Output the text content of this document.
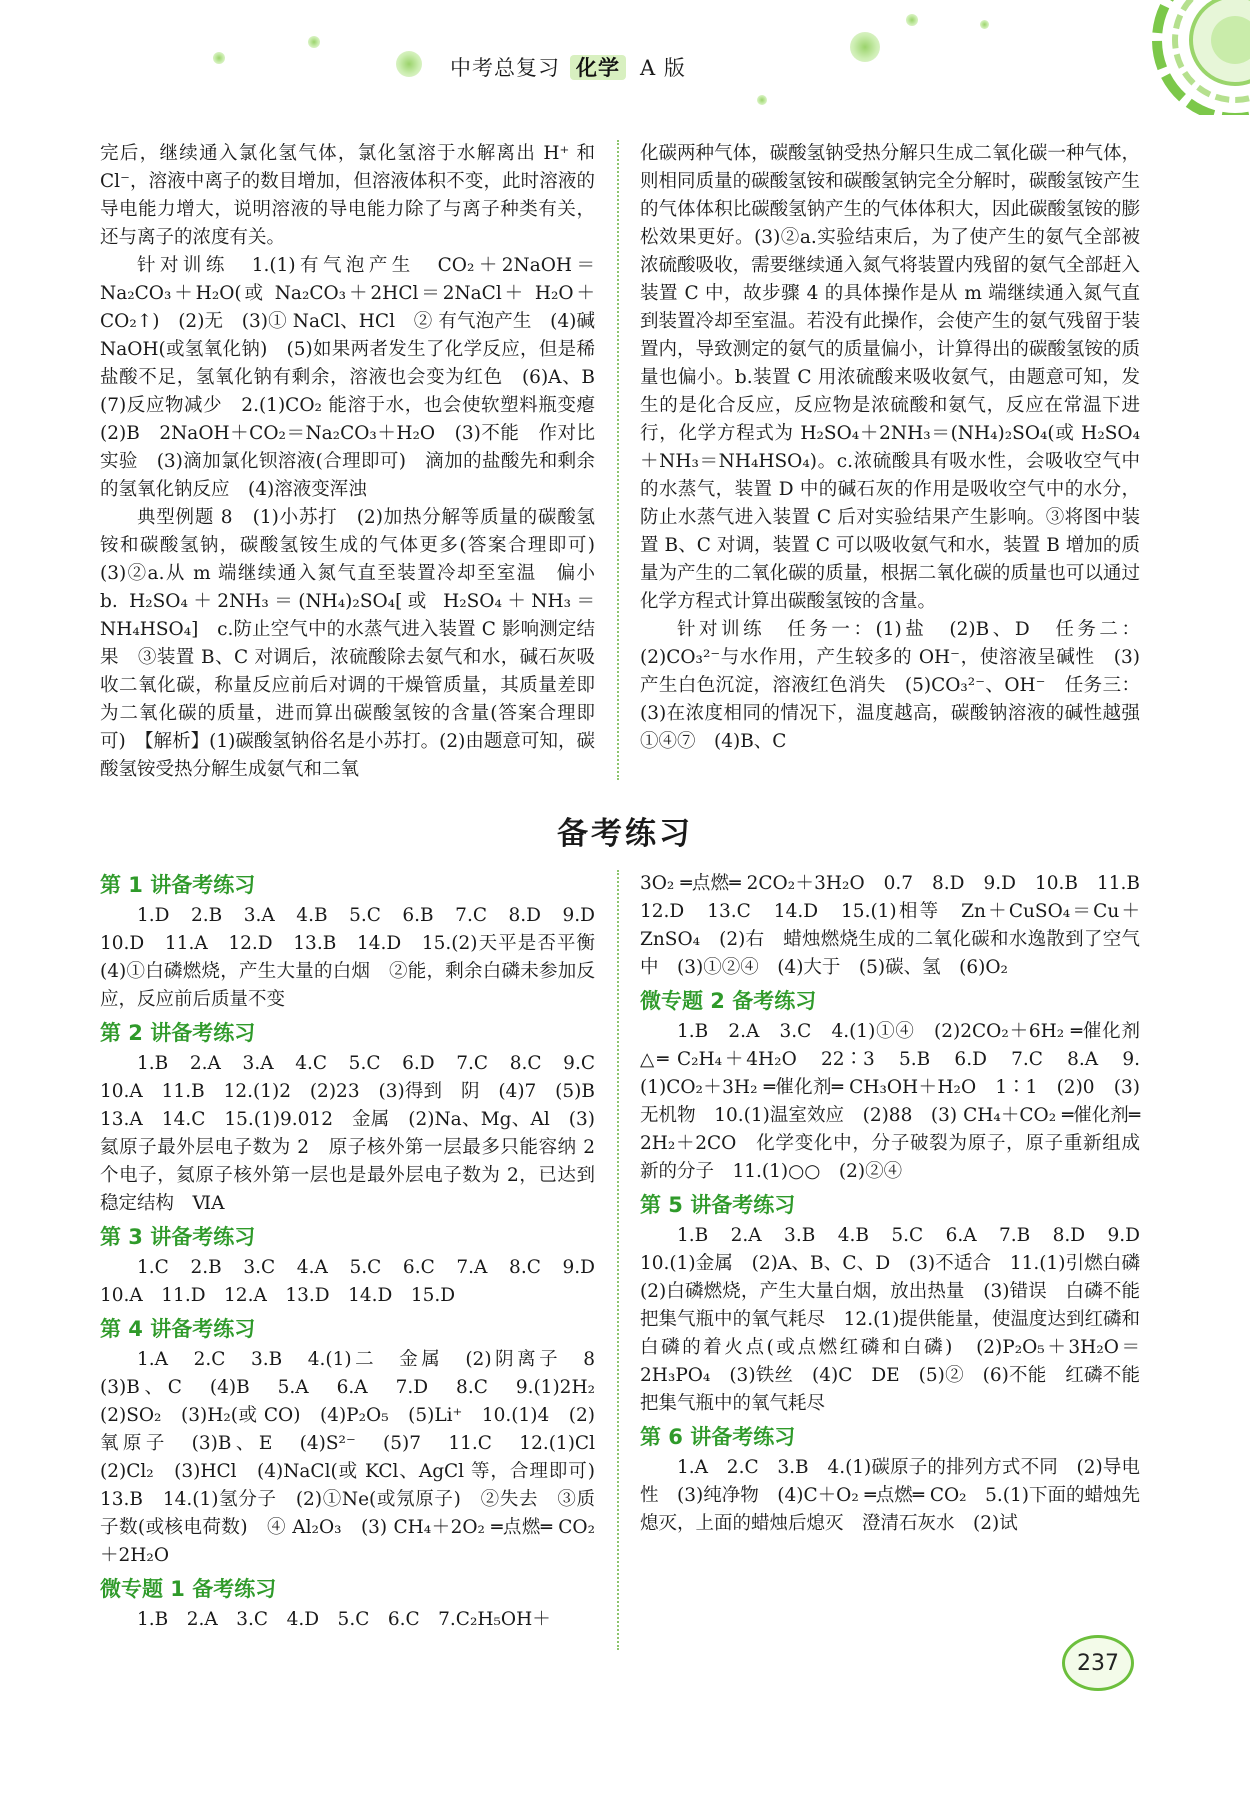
中考总复习 化学 A 版

完后，继续通入氯化氢气体，氯化氢溶于水解离出 H⁺ 和 Cl⁻，溶液中离子的数目增加，但溶液体积不变，此时溶液的导电能力增大，说明溶液的导电能力除了与离子种类有关，还与离子的浓度有关。

针对训练　1.(1)有气泡产生　CO₂＋2NaOH＝Na₂CO₃＋H₂O(或 Na₂CO₃＋2HCl＝2NaCl＋ H₂O＋CO₂↑)　(2)无　(3)① NaCl、HCl　② 有气泡产生　(4)碱　NaOH(或氢氧化钠)　(5)如果两者发生了化学反应，但是稀盐酸不足，氢氧化钠有剩余，溶液也会变为红色　(6)A、B　(7)反应物减少　2.(1)CO₂ 能溶于水，也会使软塑料瓶变瘪　(2)B　2NaOH＋CO₂＝Na₂CO₃＋H₂O　(3)不能　作对比实验　(3)滴加氯化钡溶液(合理即可)　滴加的盐酸先和剩余的氢氧化钠反应　(4)溶液变浑浊

典型例题 8　(1)小苏打　(2)加热分解等质量的碳酸氢铵和碳酸氢钠，碳酸氢铵生成的气体更多(答案合理即可)　(3)②a.从 m 端继续通入氮气直至装置冷却至室温　偏小　b. H₂SO₄＋2NH₃＝(NH₄)₂SO₄[或 H₂SO₄＋NH₃＝NH₄HSO₄]　c.防止空气中的水蒸气进入装置 C 影响测定结果　③装置 B、C 对调后，浓硫酸除去氨气和水，碱石灰吸收二氧化碳，称量反应前后对调的干燥管质量，其质量差即为二氧化碳的质量，进而算出碳酸氢铵的含量(答案合理即可)　【解析】(1)碳酸氢钠俗名是小苏打。(2)由题意可知，碳酸氢铵受热分解生成氨气和二氧

化碳两种气体，碳酸氢钠受热分解只生成二氧化碳一种气体，则相同质量的碳酸氢铵和碳酸氢钠完全分解时，碳酸氢铵产生的气体体积比碳酸氢钠产生的气体体积大，因此碳酸氢铵的膨松效果更好。(3)②a.实验结束后，为了使产生的氨气全部被浓硫酸吸收，需要继续通入氮气将装置内残留的氨气全部赶入装置 C 中，故步骤 4 的具体操作是从 m 端继续通入氮气直到装置冷却至室温。若没有此操作，会使产生的氨气残留于装置内，导致测定的氨气的质量偏小，计算得出的碳酸氢铵的质量也偏小。b.装置 C 用浓硫酸来吸收氨气，由题意可知，发生的是化合反应，反应物是浓硫酸和氨气，反应在常温下进行，化学方程式为 H₂SO₄＋2NH₃＝(NH₄)₂SO₄(或 H₂SO₄＋NH₃＝NH₄HSO₄)。c.浓硫酸具有吸水性，会吸收空气中的水蒸气，装置 D 中的碱石灰的作用是吸收空气中的水分，防止水蒸气进入装置 C 后对实验结果产生影响。③将图中装置 B、C 对调，装置 C 可以吸收氨气和水，装置 B 增加的质量为产生的二氧化碳的质量，根据二氧化碳的质量也可以通过化学方程式计算出碳酸氢铵的含量。

针对训练　任务一：(1)盐　(2)B、D　任务二：(2)CO₃²⁻与水作用，产生较多的 OH⁻，使溶液呈碱性　(3)产生白色沉淀，溶液红色消失　(5)CO₃²⁻、OH⁻　任务三：(3)在浓度相同的情况下，温度越高，碳酸钠溶液的碱性越强　①④⑦　(4)B、C

备考练习
第 1 讲备考练习

1.D　2.B　3.A　4.B　5.C　6.B　7.C　8.D　9.D　10.D　11.A　12.D　13.B　14.D　15.(2)天平是否平衡　(4)①白磷燃烧，产生大量的白烟　②能，剩余白磷未参加反应，反应前后质量不变

第 2 讲备考练习

1.B　2.A　3.A　4.C　5.C　6.D　7.C　8.C　9.C　10.A　11.B　12.(1)2　(2)23　(3)得到　阴　(4)7　(5)B　13.A　14.C　15.(1)9.012　金属　(2)Na、Mg、Al　(3)氦原子最外层电子数为 2　原子核外第一层最多只能容纳 2 个电子，氦原子核外第一层也是最外层电子数为 2，已达到稳定结构　ⅥA

第 3 讲备考练习

1.C　2.B　3.C　4.A　5.C　6.C　7.A　8.C　9.D　10.A　11.D　12.A　13.D　14.D　15.D

第 4 讲备考练习

1.A　2.C　3.B　4.(1)二　金属　(2)阴离子　8　(3)B、C　(4)B　5.A　6.A　7.D　8.C　9.(1)2H₂　(2)SO₂　(3)H₂(或 CO)　(4)P₂O₅　(5)Li⁺　10.(1)4　(2)氧原子　(3)B、E　(4)S²⁻　(5)7　11.C　12.(1)Cl　(2)Cl₂　(3)HCl　(4)NaCl(或 KCl、AgCl 等，合理即可)　13.B　14.(1)氢分子　(2)①Ne(或氖原子)　②失去　③质子数(或核电荷数)　④ Al₂O₃　(3) CH₄＋2O₂ ═点燃═ CO₂＋2H₂O

微专题 1 备考练习

1.B　2.A　3.C　4.D　5.C　6.C　7.C₂H₅OH＋

3O₂ ═点燃═ 2CO₂＋3H₂O　0.7　8.D　9.D　10.B　11.B　12.D　13.C　14.D　15.(1)相等　Zn＋CuSO₄＝Cu＋ZnSO₄　(2)右　蜡烛燃烧生成的二氧化碳和水逸散到了空气中　(3)①②④　(4)大于　(5)碳、氢　(6)O₂

微专题 2 备考练习

1.B　2.A　3.C　4.(1)①④　(2)2CO₂＋6H₂ ═催化剂△═ C₂H₄＋4H₂O　22∶3　5.B　6.D　7.C　8.A　9.(1)CO₂＋3H₂ ═催化剂═ CH₃OH＋H₂O　1∶1　(2)0　(3)无机物　10.(1)温室效应　(2)88　(3) CH₄＋CO₂ ═催化剂═ 2H₂＋2CO　化学变化中，分子破裂为原子，原子重新组成新的分子　11.(1)○○　(2)②④

第 5 讲备考练习

1.B　2.A　3.B　4.B　5.C　6.A　7.B　8.D　9.D　10.(1)金属　(2)A、B、C、D　(3)不适合　11.(1)引燃白磷　(2)白磷燃烧，产生大量白烟，放出热量　(3)错误　白磷不能把集气瓶中的氧气耗尽　12.(1)提供能量，使温度达到红磷和白磷的着火点(或点燃红磷和白磷)　(2)P₂O₅＋3H₂O＝2H₃PO₄　(3)铁丝　(4)C　DE　(5)②　(6)不能　红磷不能把集气瓶中的氧气耗尽

第 6 讲备考练习

1.A　2.C　3.B　4.(1)碳原子的排列方式不同　(2)导电性　(3)纯净物　(4)C＋O₂ ═点燃═ CO₂　5.(1)下面的蜡烛先熄灭，上面的蜡烛后熄灭　澄清石灰水　(2)试

237
